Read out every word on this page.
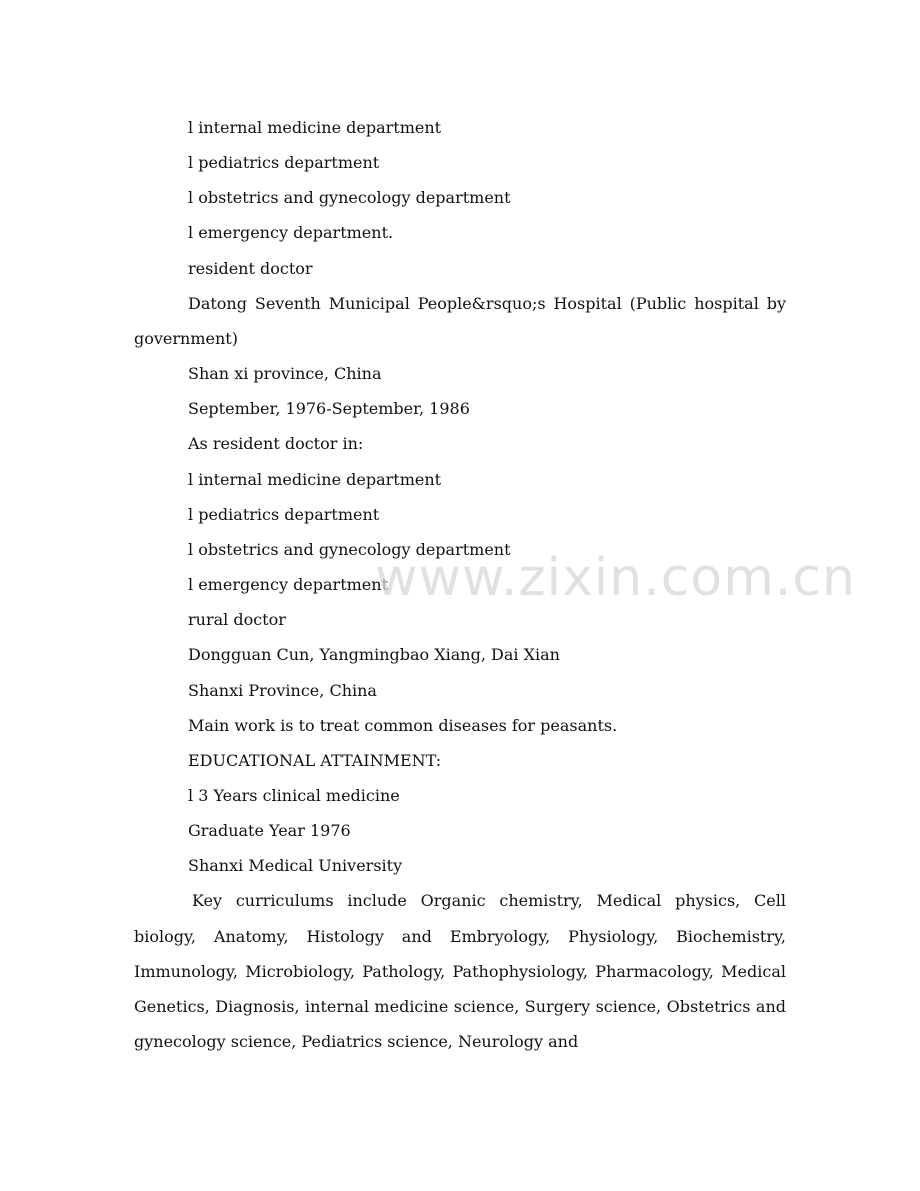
l internal medicine department

l pediatrics department

l obstetrics and gynecology department

l emergency department.

resident doctor

Datong Seventh Municipal People&rsquo;s Hospital (Public hospital by government)

Shan xi province, China

September, 1976-September, 1986

As resident doctor in:

l internal medicine department

l pediatrics department

l obstetrics and gynecology department

l emergency department

rural doctor

Dongguan Cun, Yangmingbao Xiang, Dai Xian

Shanxi Province, China

Main work is to treat common diseases for peasants.

EDUCATIONAL ATTAINMENT:

l 3 Years clinical medicine

Graduate Year 1976

Shanxi Medical University

Key curriculums include Organic chemistry, Medical physics, Cell biology, Anatomy, Histology and Embryology, Physiology, Biochemistry, Immunology, Microbiology, Pathology, Pathophysiology, Pharmacology, Medical Genetics, Diagnosis, internal medicine science, Surgery science, Obstetrics and gynecology science, Pediatrics science, Neurology and

www.zixin.com.cn
